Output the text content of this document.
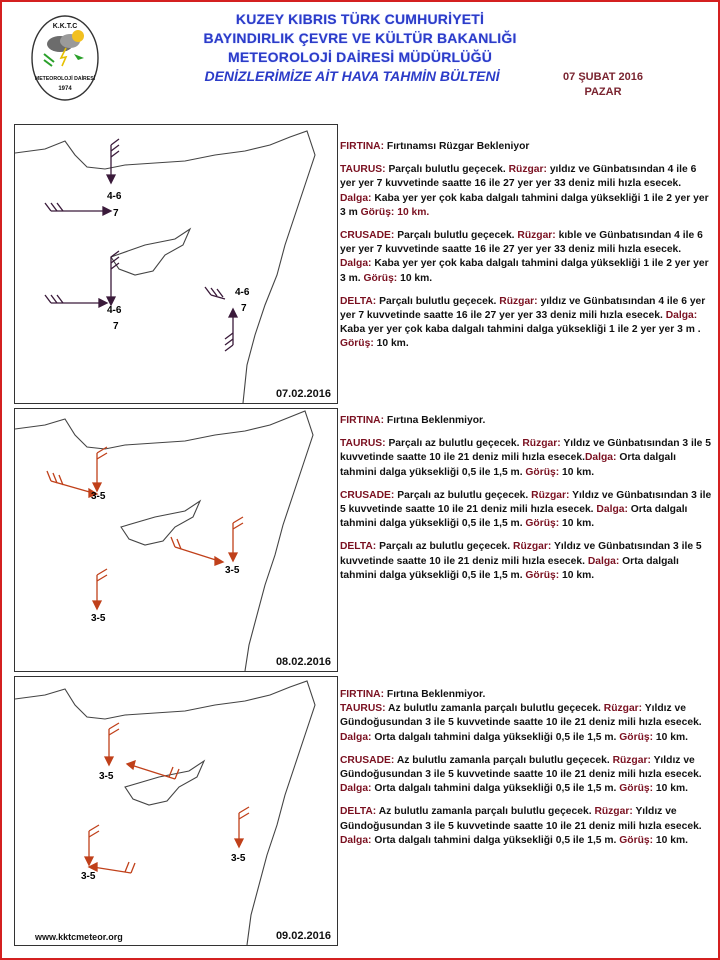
K.K.T.C
METEOROLOJİ DAİRESİ
1974
KUZEY KIBRIS TÜRK CUMHURİYETİ
BAYINDIRLIK ÇEVRE VE KÜLTÜR BAKANLIĞI
METEOROLOJİ DAİRESİ MÜDÜRLÜĞÜ
DENİZLERİMİZE AİT HAVA TAHMİN BÜLTENİ	07 ŞUBAT 2016
PAZAR
4-6
7
4-6
7
4-6
7
07.02.2016
3-5
3-5
3-5
08.02.2016
3-5
3-5
3-5
www.kktcmeteor.org	09.02.2016

FIRTINA: Fırtınamsı Rüzgar Bekleniyor

TAURUS: Parçalı bulutlu geçecek. Rüzgar: yıldız ve Günbatısından 4 ile 6 yer yer 7 kuvvetinde saatte 16 ile 27 yer yer 33 deniz mili hızla esecek. Dalga: Kaba yer yer çok kaba dalgalı tahmini dalga yüksekliği 1 ile 2 yer yer 3 m Görüş: 10 km.

CRUSADE: Parçalı bulutlu geçecek. Rüzgar: kıble ve Günbatısından 4 ile 6 yer yer 7 kuvvetinde saatte 16 ile 27 yer yer 33 deniz mili hızla esecek. Dalga: Kaba yer yer çok kaba dalgalı tahmini dalga yüksekliği 1 ile 2 yer yer 3 m. Görüş: 10 km.

DELTA: Parçalı bulutlu geçecek. Rüzgar: yıldız ve Günbatısından 4 ile 6 yer yer 7 kuvvetinde saatte 16 ile 27 yer yer 33 deniz mili hızla esecek. Dalga: Kaba yer yer çok kaba dalgalı tahmini dalga yüksekliği 1 ile 2 yer yer 3 m . Görüş: 10 km.

FIRTINA: Fırtına Beklenmiyor.

TAURUS: Parçalı az bulutlu geçecek. Rüzgar: Yıldız ve Günbatısından 3 ile 5 kuvvetinde saatte 10 ile 21 deniz mili hızla esecek.Dalga: Orta dalgalı tahmini dalga yüksekliği 0,5 ile 1,5 m. Görüş: 10 km.

CRUSADE: Parçalı az bulutlu geçecek. Rüzgar: Yıldız ve Günbatısından 3 ile 5 kuvvetinde saatte 10 ile 21 deniz mili hızla esecek. Dalga: Orta dalgalı tahmini dalga yüksekliği 0,5 ile 1,5 m. Görüş: 10 km.

DELTA: Parçalı az bulutlu geçecek. Rüzgar: Yıldız ve Günbatısından 3 ile 5 kuvvetinde saatte 10 ile 21 deniz mili hızla esecek. Dalga: Orta dalgalı tahmini dalga yüksekliği 0,5 ile 1,5 m. Görüş: 10 km.

FIRTINA: Fırtına Beklenmiyor.

TAURUS: Az bulutlu zamanla parçalı bulutlu geçecek. Rüzgar: Yıldız ve Gündoğusundan 3 ile 5 kuvvetinde saatte 10 ile 21 deniz mili hızla esecek. Dalga: Orta dalgalı tahmini dalga yüksekliği 0,5 ile 1,5 m. Görüş: 10 km.

CRUSADE: Az bulutlu zamanla parçalı bulutlu geçecek. Rüzgar: Yıldız ve Gündoğusundan 3 ile 5 kuvvetinde saatte 10 ile 21 deniz mili hızla esecek. Dalga: Orta dalgalı tahmini dalga yüksekliği 0,5 ile 1,5 m. Görüş: 10 km.

DELTA: Az bulutlu zamanla parçalı bulutlu geçecek. Rüzgar: Yıldız ve Gündoğusundan 3 ile 5 kuvvetinde saatte 10 ile 21 deniz mili hızla esecek. Dalga: Orta dalgalı tahmini dalga yüksekliği 0,5 ile 1,5 m. Görüş: 10 km.
